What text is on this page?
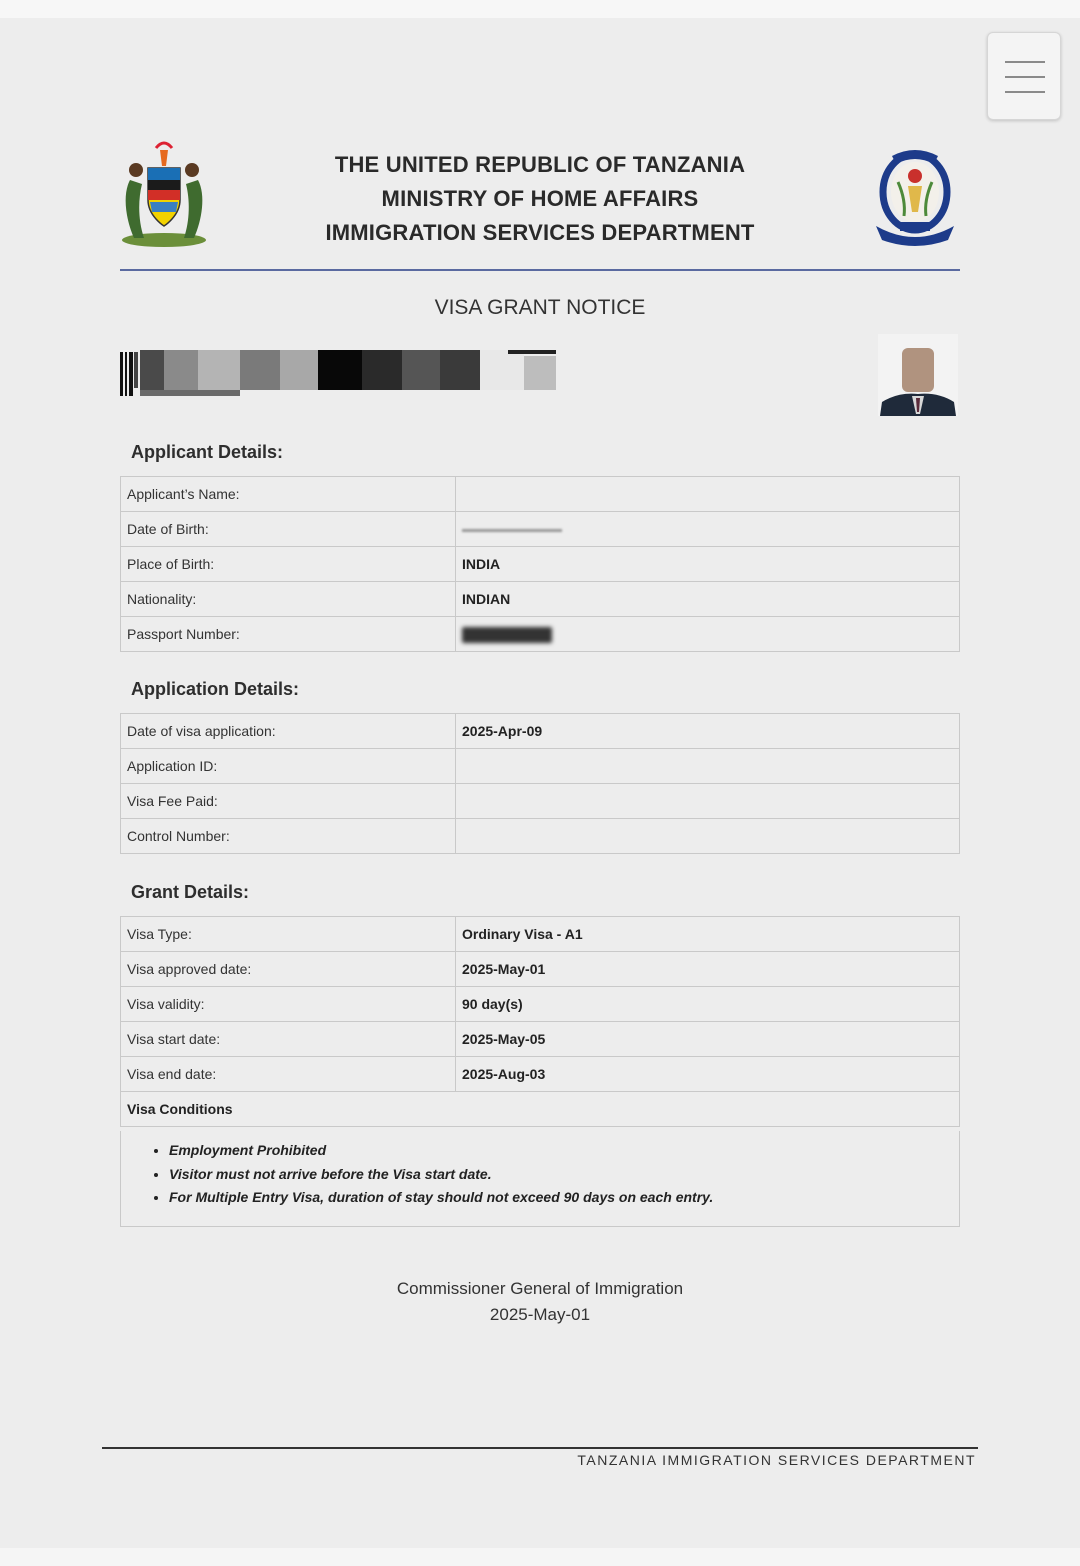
THE UNITED REPUBLIC OF TANZANIA
MINISTRY OF HOME AFFAIRS
IMMIGRATION SERVICES DEPARTMENT
VISA GRANT NOTICE
Applicant Details:
Applicant’s Name:	
Date of Birth:	
Place of Birth:	INDIA
Nationality:	INDIAN
Passport Number:	
Application Details:
Date of visa application:	2025-Apr-09
Application ID:	
Visa Fee Paid:	
Control Number:	
Grant Details:
Visa Type:	Ordinary Visa - A1
Visa approved date:	2025-May-01
Visa validity:	90 day(s)
Visa start date:	2025-May-05
Visa end date:	2025-Aug-03
Visa Conditions	
• Employment Prohibited
• Visitor must not arrive before the Visa start date.
• For Multiple Entry Visa, duration of stay should not exceed 90 days on each entry.
Commissioner General of Immigration
2025-May-01
TANZANIA IMMIGRATION SERVICES DEPARTMENT
